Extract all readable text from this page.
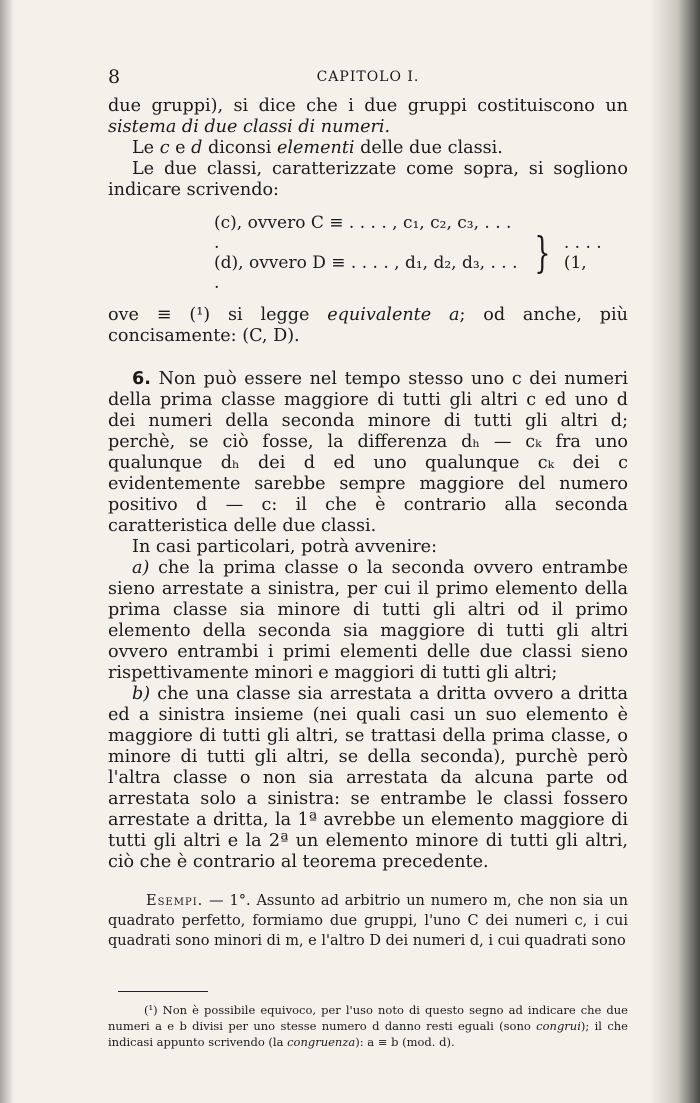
8	CAPITOLO I.

due gruppi), si dice che i due gruppi costituiscono un sistema di due classi di numeri.

Le c e d diconsi elementi delle due classi.

Le due classi, caratterizzate come sopra, si sogliono indicare scrivendo:

(c), ovvero C ≡ . . . . , c₁, c₂, c₃, . . . .
(d), ovvero D ≡ . . . . , d₁, d₂, d₃, . . . .
} . . . . (1,

ove ≡ (¹) si legge equivalente a; od anche, più concisamente: (C, D).

6. Non può essere nel tempo stesso uno c dei numeri della prima classe maggiore di tutti gli altri c ed uno d dei numeri della seconda minore di tutti gli altri d; perchè, se ciò fosse, la differenza dₕ — cₖ fra uno qualunque dₕ dei d ed uno qualunque cₖ dei c evidentemente sarebbe sempre maggiore del numero positivo d — c: il che è contrario alla seconda caratteristica delle due classi.

In casi particolari, potrà avvenire:

a) che la prima classe o la seconda ovvero entrambe sieno arrestate a sinistra, per cui il primo elemento della prima classe sia minore di tutti gli altri od il primo elemento della seconda sia maggiore di tutti gli altri ovvero entrambi i primi elementi delle due classi sieno rispettivamente minori e maggiori di tutti gli altri;

b) che una classe sia arrestata a dritta ovvero a dritta ed a sinistra insieme (nei quali casi un suo elemento è maggiore di tutti gli altri, se trattasi della prima classe, o minore di tutti gli altri, se della seconda), purchè però l'altra classe o non sia arrestata da alcuna parte od arrestata solo a sinistra: se entrambe le classi fossero arrestate a dritta, la 1ª avrebbe un elemento maggiore di tutti gli altri e la 2ª un elemento minore di tutti gli altri, ciò che è contrario al teorema precedente.

Esempi. — 1°. Assunto ad arbitrio un numero m, che non sia un quadrato perfetto, formiamo due gruppi, l'uno C dei numeri c, i cui quadrati sono minori di m, e l'altro D dei numeri d, i cui quadrati sono

(¹) Non è possibile equivoco, per l'uso noto di questo segno ad indicare che due numeri a e b divisi per uno stesse numero d danno resti eguali (sono congrui); il che indicasi appunto scrivendo (la congruenza): a ≡ b (mod. d).
